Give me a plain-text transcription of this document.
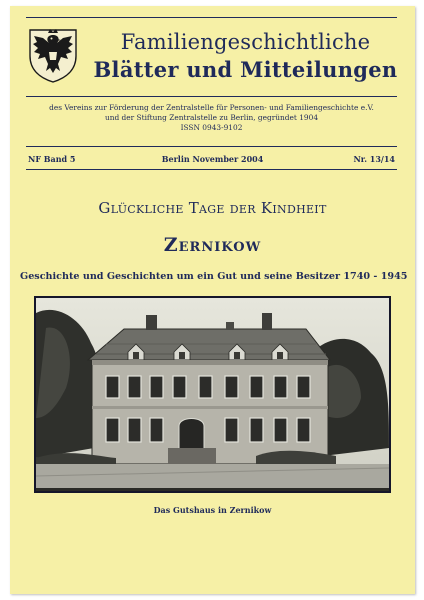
Familiengeschichtliche
Blätter und Mitteilungen
des Vereins zur Förderung der Zentralstelle für Personen- und Familiengeschichte e.V.
und der Stiftung Zentralstelle zu Berlin, gegründet 1904
ISSN 0943-9102
NF Band 5	Berlin November 2004	Nr. 13/14
Glückliche Tage der Kindheit
Zernikow
Geschichte und Geschichten um ein Gut und seine Besitzer 1740 - 1945
Das Gutshaus in Zernikow
